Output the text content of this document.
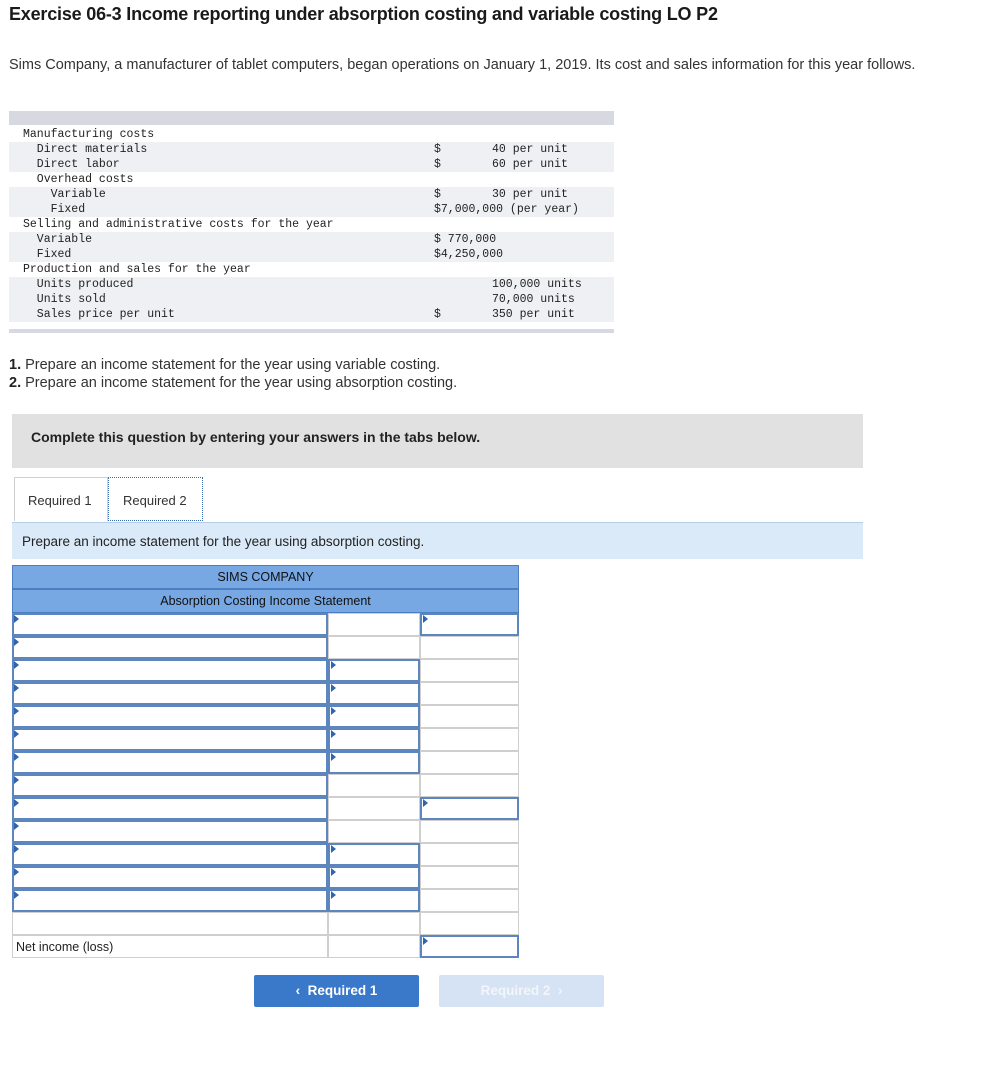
Exercise 06-3 Income reporting under absorption costing and variable costing LO P2
Sims Company, a manufacturer of tablet computers, began operations on January 1, 2019. Its cost and sales information for this year follows.
Manufacturing costs
Direct materials	$	40 per unit
Direct labor	$	60 per unit
Overhead costs
Variable	$	30 per unit
Fixed	$7,000,000 (per year)
Selling and administrative costs for the year
Variable	$ 770,000
Fixed	$4,250,000
Production and sales for the year
Units produced	100,000 units
Units sold	70,000 units
Sales price per unit	$	350 per unit
1. Prepare an income statement for the year using variable costing.
2. Prepare an income statement for the year using absorption costing.
Complete this question by entering your answers in the tabs below.
Required 1 Required 2
Prepare an income statement for the year using absorption costing.
SIMS COMPANY
Absorption Costing Income Statement
Net income (loss)
‹ Required 1	Required 2 ›
